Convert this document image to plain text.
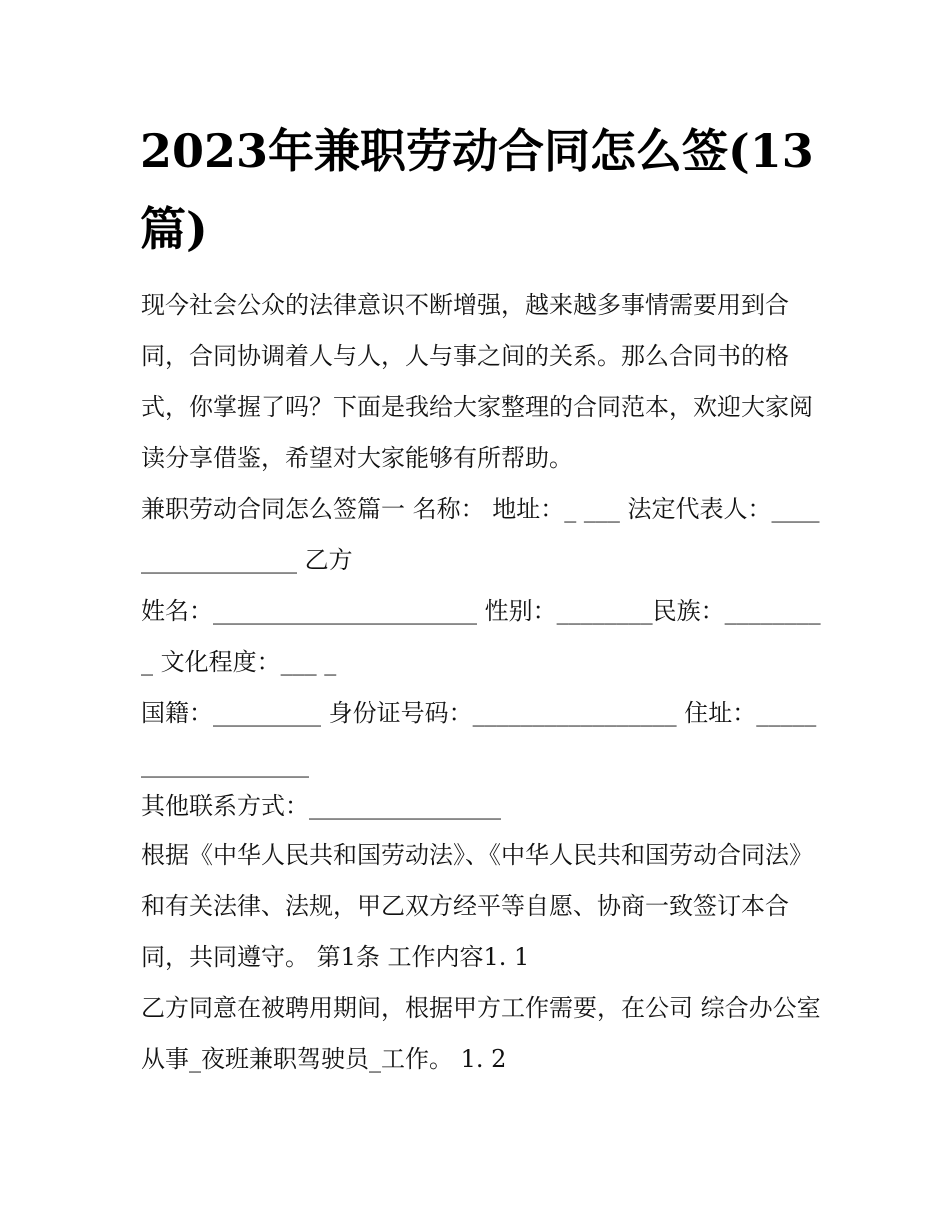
2023年兼职劳动合同怎么签(13篇)

现今社会公众的法律意识不断增强，越来越多事情需要用到合同，合同协调着人与人，人与事之间的关系。那么合同书的格式，你掌握了吗？下面是我给大家整理的合同范本，欢迎大家阅读分享借鉴，希望对大家能够有所帮助。

兼职劳动合同怎么签篇一 名称： 地址：_ ___ 法定代表人：_________________ 乙方

姓名：______________________ 性别：________民族：_________ 文化程度：___ _

国籍：_________ 身份证号码：_________________ 住址：___________________

其他联系方式：________________

根据《中华人民共和国劳动法》、《中华人民共和国劳动合同法》和有关法律、法规，甲乙双方经平等自愿、协商一致签订本合同，共同遵守。 第1条 工作内容1. 1

乙方同意在被聘用期间，根据甲方工作需要，在公司 综合办公室 从事_夜班兼职驾驶员_工作。 1. 2
